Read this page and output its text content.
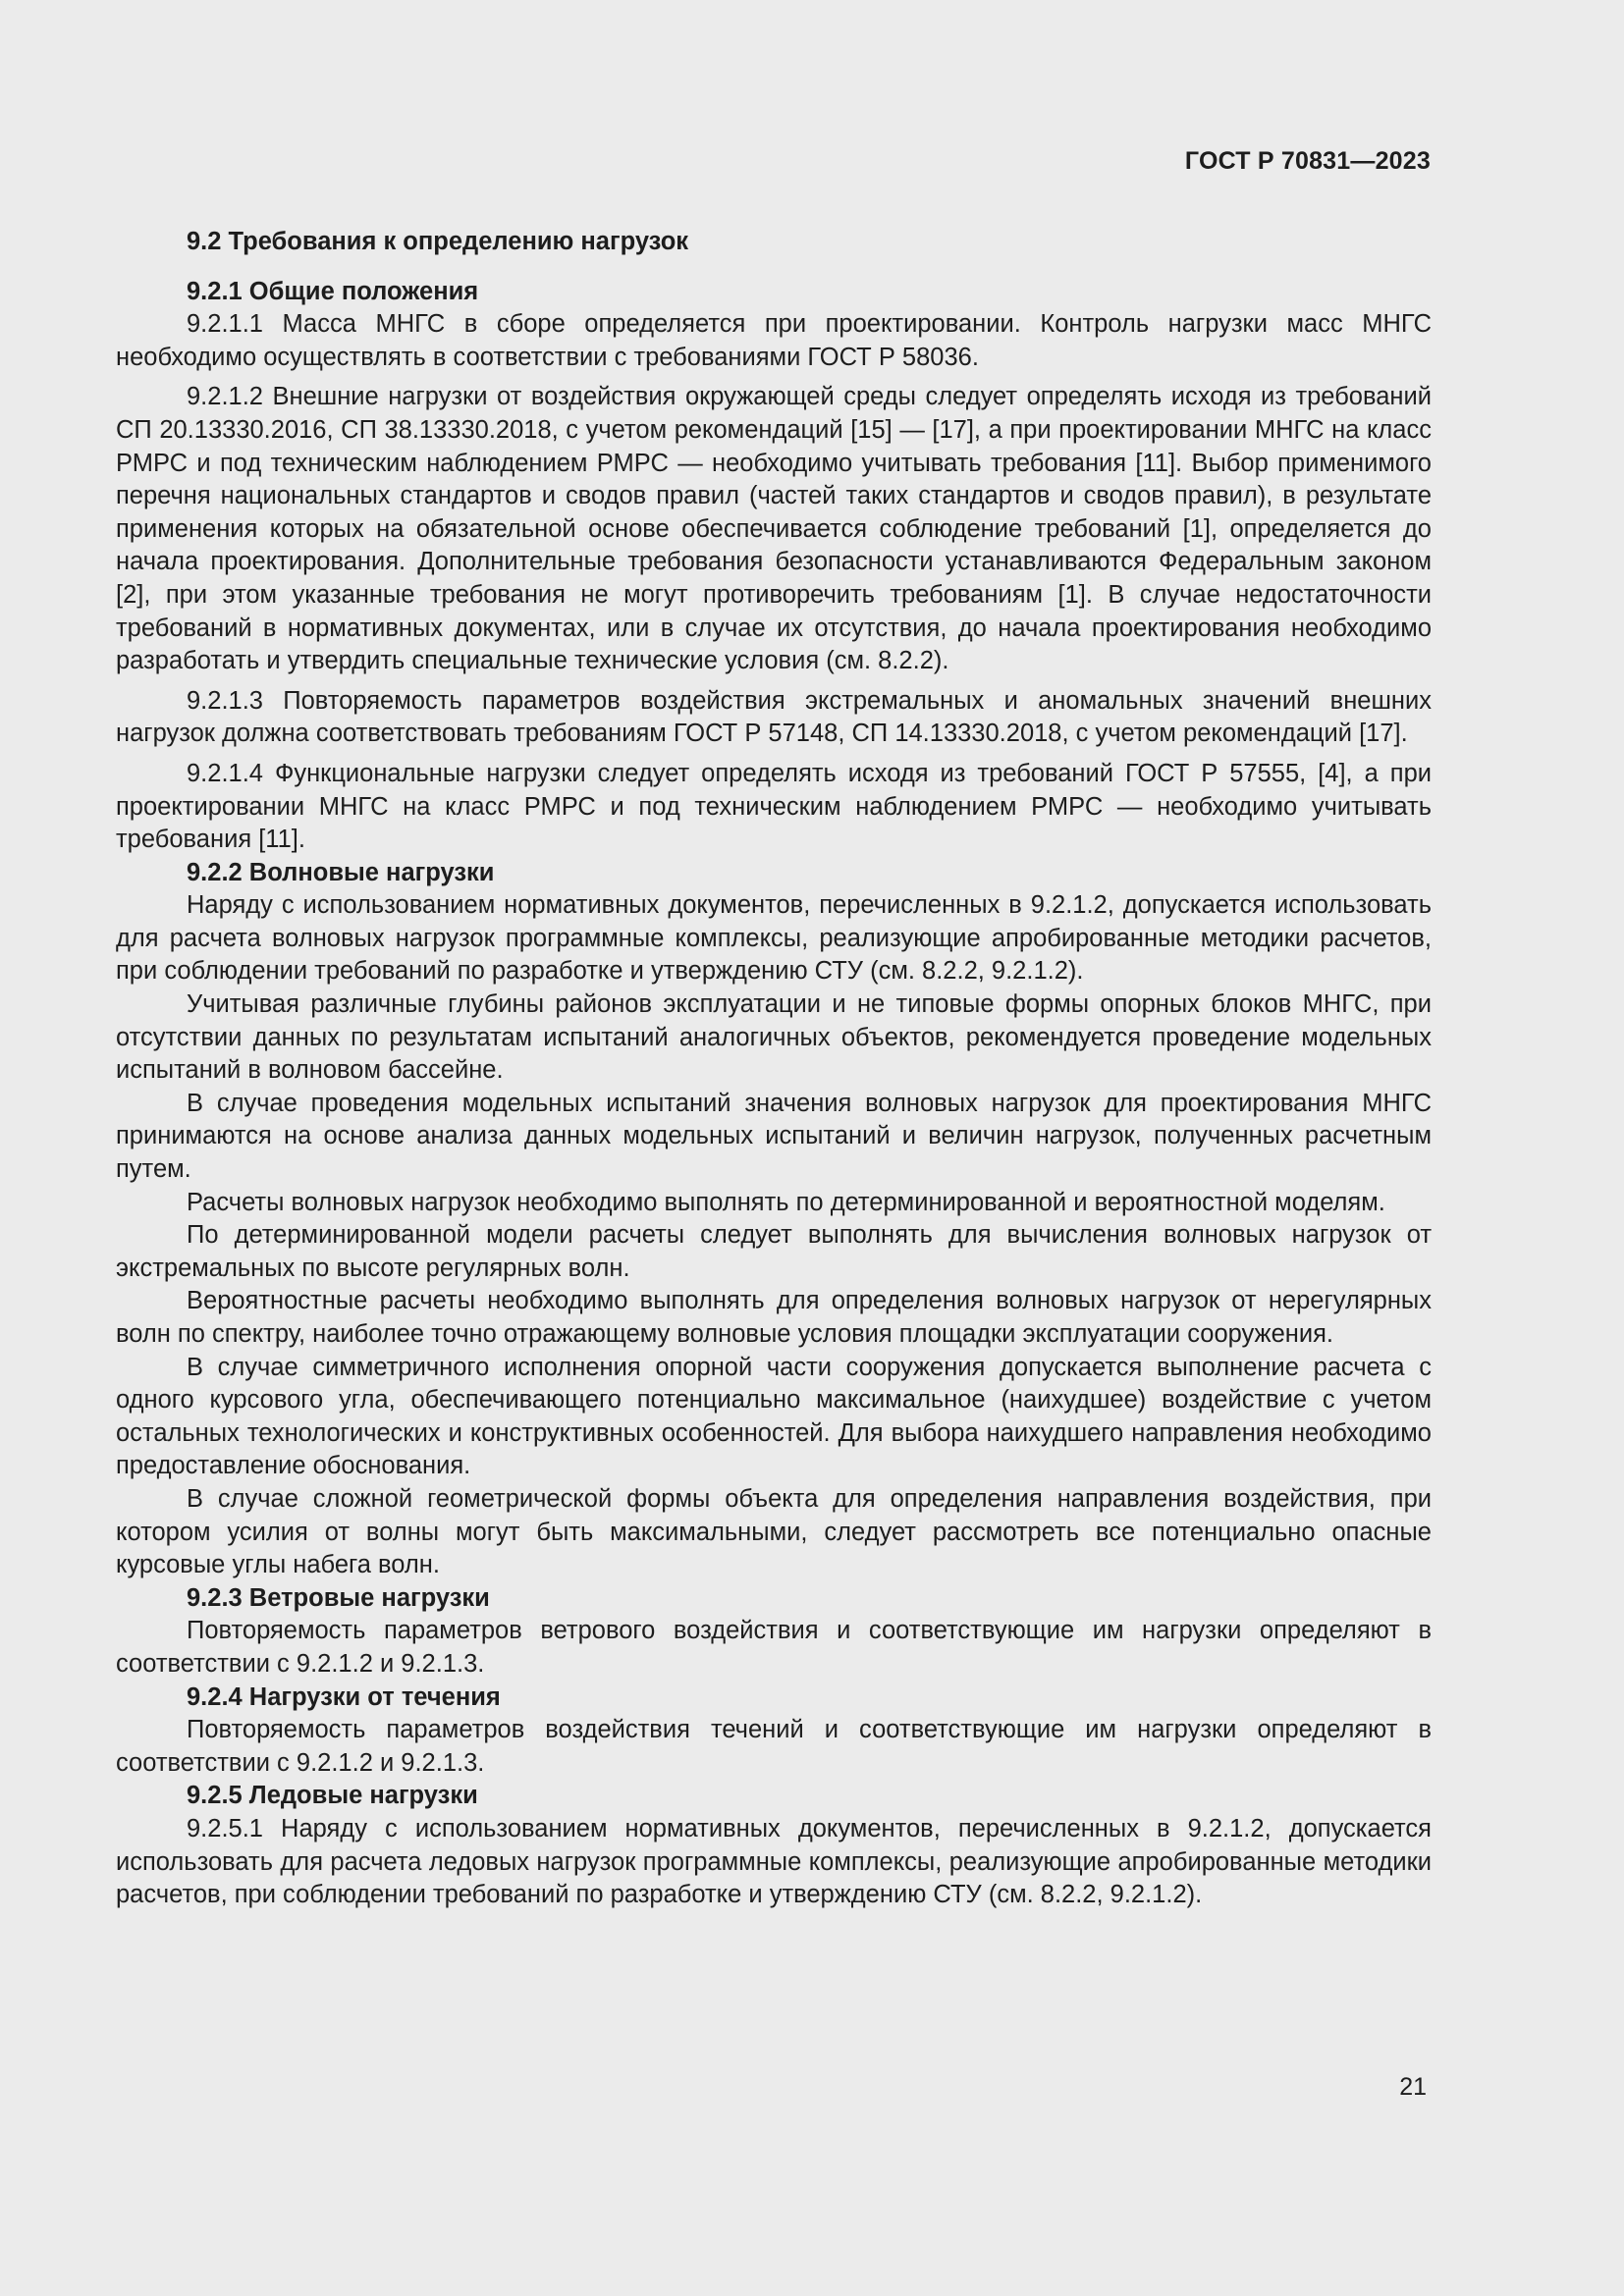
ГОСТ Р 70831—2023
9.2 Требования к определению нагрузок
9.2.1 Общие положения

9.2.1.1 Масса МНГС в сборе определяется при проектировании. Контроль нагрузки масс МНГС необходимо осуществлять в соответствии с требованиями ГОСТ Р 58036.

9.2.1.2 Внешние нагрузки от воздействия окружающей среды следует определять исходя из требований СП 20.13330.2016, СП 38.13330.2018, с учетом рекомендаций [15] — [17], а при проектировании МНГС на класс РМРС и под техническим наблюдением РМРС — необходимо учитывать требования [11]. Выбор применимого перечня национальных стандартов и сводов правил (частей таких стандартов и сводов правил), в результате применения которых на обязательной основе обеспечивается соблюдение требований [1], определяется до начала проектирования. Дополнительные требования безопасности устанавливаются Федеральным законом [2], при этом указанные требования не могут противоречить требованиям [1]. В случае недостаточности требований в нормативных документах, или в случае их отсутствия, до начала проектирования необходимо разработать и утвердить специальные технические условия (см. 8.2.2).

9.2.1.3 Повторяемость параметров воздействия экстремальных и аномальных значений внешних нагрузок должна соответствовать требованиям ГОСТ Р 57148, СП 14.13330.2018, с учетом рекомендаций [17].

9.2.1.4 Функциональные нагрузки следует определять исходя из требований ГОСТ Р 57555, [4], а при проектировании МНГС на класс РМРС и под техническим наблюдением РМРС — необходимо учитывать требования [11].

9.2.2 Волновые нагрузки

Наряду с использованием нормативных документов, перечисленных в 9.2.1.2, допускается использовать для расчета волновых нагрузок программные комплексы, реализующие апробированные методики расчетов, при соблюдении требований по разработке и утверждению СТУ (см. 8.2.2, 9.2.1.2).

Учитывая различные глубины районов эксплуатации и не типовые формы опорных блоков МНГС, при отсутствии данных по результатам испытаний аналогичных объектов, рекомендуется проведение модельных испытаний в волновом бассейне.

В случае проведения модельных испытаний значения волновых нагрузок для проектирования МНГС принимаются на основе анализа данных модельных испытаний и величин нагрузок, полученных расчетным путем.

Расчеты волновых нагрузок необходимо выполнять по детерминированной и вероятностной моделям.

По детерминированной модели расчеты следует выполнять для вычисления волновых нагрузок от экстремальных по высоте регулярных волн.

Вероятностные расчеты необходимо выполнять для определения волновых нагрузок от нерегулярных волн по спектру, наиболее точно отражающему волновые условия площадки эксплуатации сооружения.

В случае симметричного исполнения опорной части сооружения допускается выполнение расчета с одного курсового угла, обеспечивающего потенциально максимальное (наихудшее) воздействие с учетом остальных технологических и конструктивных особенностей. Для выбора наихудшего направления необходимо предоставление обоснования.

В случае сложной геометрической формы объекта для определения направления воздействия, при котором усилия от волны могут быть максимальными, следует рассмотреть все потенциально опасные курсовые углы набега волн.

9.2.3 Ветровые нагрузки

Повторяемость параметров ветрового воздействия и соответствующие им нагрузки определяют в соответствии с 9.2.1.2 и 9.2.1.3.

9.2.4 Нагрузки от течения

Повторяемость параметров воздействия течений и соответствующие им нагрузки определяют в соответствии с 9.2.1.2 и 9.2.1.3.

9.2.5 Ледовые нагрузки

9.2.5.1 Наряду с использованием нормативных документов, перечисленных в 9.2.1.2, допускается использовать для расчета ледовых нагрузок программные комплексы, реализующие апробированные методики расчетов, при соблюдении требований по разработке и утверждению СТУ (см. 8.2.2, 9.2.1.2).

21
